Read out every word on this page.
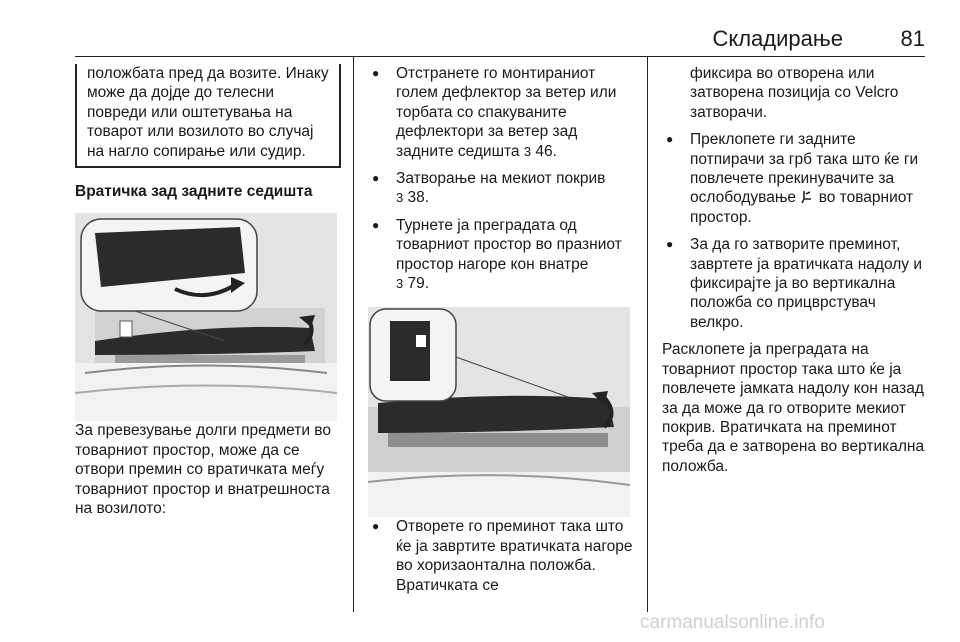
Складирање	81

положбата пред да возите. Инаку може да дојде до телесни повреди или оштетувања на товарот или возилото во случај на нагло сопирање или судир.

Вратичка зад задните седишта

За превезување долги предмети во товарниот простор, може да се отвори премин со вратичката меѓу товарниот простор и внатрешноста на возилото:

● Отстранете го монтираниот голем дефлектор за ветер или торбата со спакуваните дефлектори за ветер зад задните седишта 3 46.
● Затворање на мекиот покрив
3 38.
● Турнете ја преградата од товарниот простор во празниот простор нагоре кон внатре
3 79.
● Отворете го преминот така што ќе ја завртите вратичката нагоре во хоризаонтална положба. Вратичката се

фиксира во отворена или затворена позиција со Velcro затворачи.

● Преклопете ги задните потпирачи за грб така што ќе ги повлечете прекинувачите за ослободување во товарниот простор.
● За да го затворите преминот, завртете ја вратичката надолу и фиксирајте ја во вертикална положба со прицврстувач велкро.

Расклопете ја преградата на товарниот простор така што ќе ја повлечете јамката надолу кон назад за да може да го отворите мекиот покрив. Вратичката на преминот треба да е затворена во вертикална положба.

carmanualsonline.info
